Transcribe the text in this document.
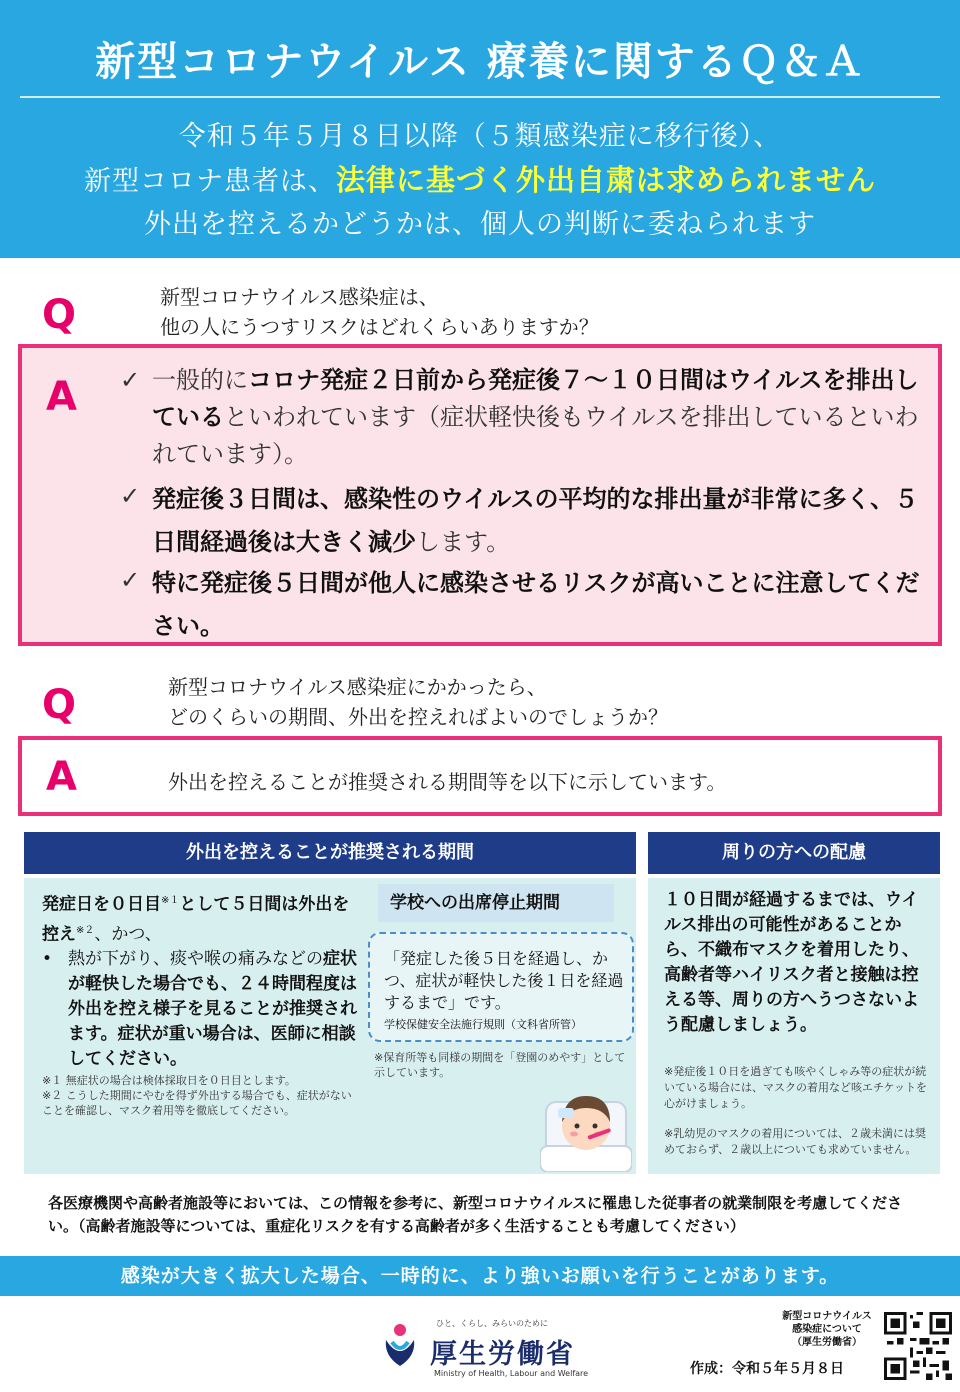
新型コロナウイルス 療養に関するＱ＆Ａ
令和５年５月８日以降（５類感染症に移行後）、
新型コロナ患者は、法律に基づく外出自粛は求められません
外出を控えるかどうかは、個人の判断に委ねられます
Q	新型コロナウイルス感染症は、
他の人にうつすリスクはどれくらいありますか？
A ✓ 一般的にコロナ発症２日前から発症後７～１０日間はウイルスを排出しているといわれています（症状軽快後もウイルスを排出しているといわれています）。
✓ 発症後３日間は、感染性のウイルスの平均的な排出量が非常に多く、５日間経過後は大きく減少します。
✓ 特に発症後５日間が他人に感染させるリスクが高いことに注意してください。
Q	新型コロナウイルス感染症にかかったら、
どのくらいの期間、外出を控えればよいのでしょうか？
A	外出を控えることが推奨される期間等を以下に示しています。
外出を控えることが推奨される期間
発症日を０日目$^{※1}$として５日間は外出を控え$^{※2}$、かつ、
• 熱が下がり、痰や喉の痛みなどの症状が軽快した場合でも、２４時間程度は外出を控え様子を見ることが推奨されます。症状が重い場合は、医師に相談してください。
※１ 無症状の場合は検体採取日を０日目とします。
※２ こうした期間にやむを得ず外出する場合でも、症状がないことを確認し、マスク着用等を徹底してください。
学校への出席停止期間
「発症した後５日を経過し、かつ、症状が軽快した後１日を経過するまで」です。
学校保健安全法施行規則（文科省所管）
※保育所等も同様の期間を「登園のめやす」として示しています。
周りの方への配慮
１０日間が経過するまでは、ウイルス排出の可能性があることから、不織布マスクを着用したり、高齢者等ハイリスク者と接触は控える等、周りの方へうつさないよう配慮しましょう。
※発症後１０日を過ぎても咳やくしゃみ等の症状が続いている場合には、マスクの着用など咳エチケットを心がけましょう。
※乳幼児のマスクの着用については、２歳未満には奨めておらず、２歳以上についても求めていません。
各医療機関や高齢者施設等においては、この情報を参考に、新型コロナウイルスに罹患した従事者の就業制限を考慮してください。（高齢者施設等については、重症化リスクを有する高齢者が多く生活することも考慮してください）
感染が大きく拡大した場合、一時的に、より強いお願いを行うことがあります。
ひと、くらし、みらいのために
厚生労働省
Ministry of Health, Labour and Welfare
新型コロナウイルス
感染症について
（厚生労働省）
作成：令和５年５月８日
